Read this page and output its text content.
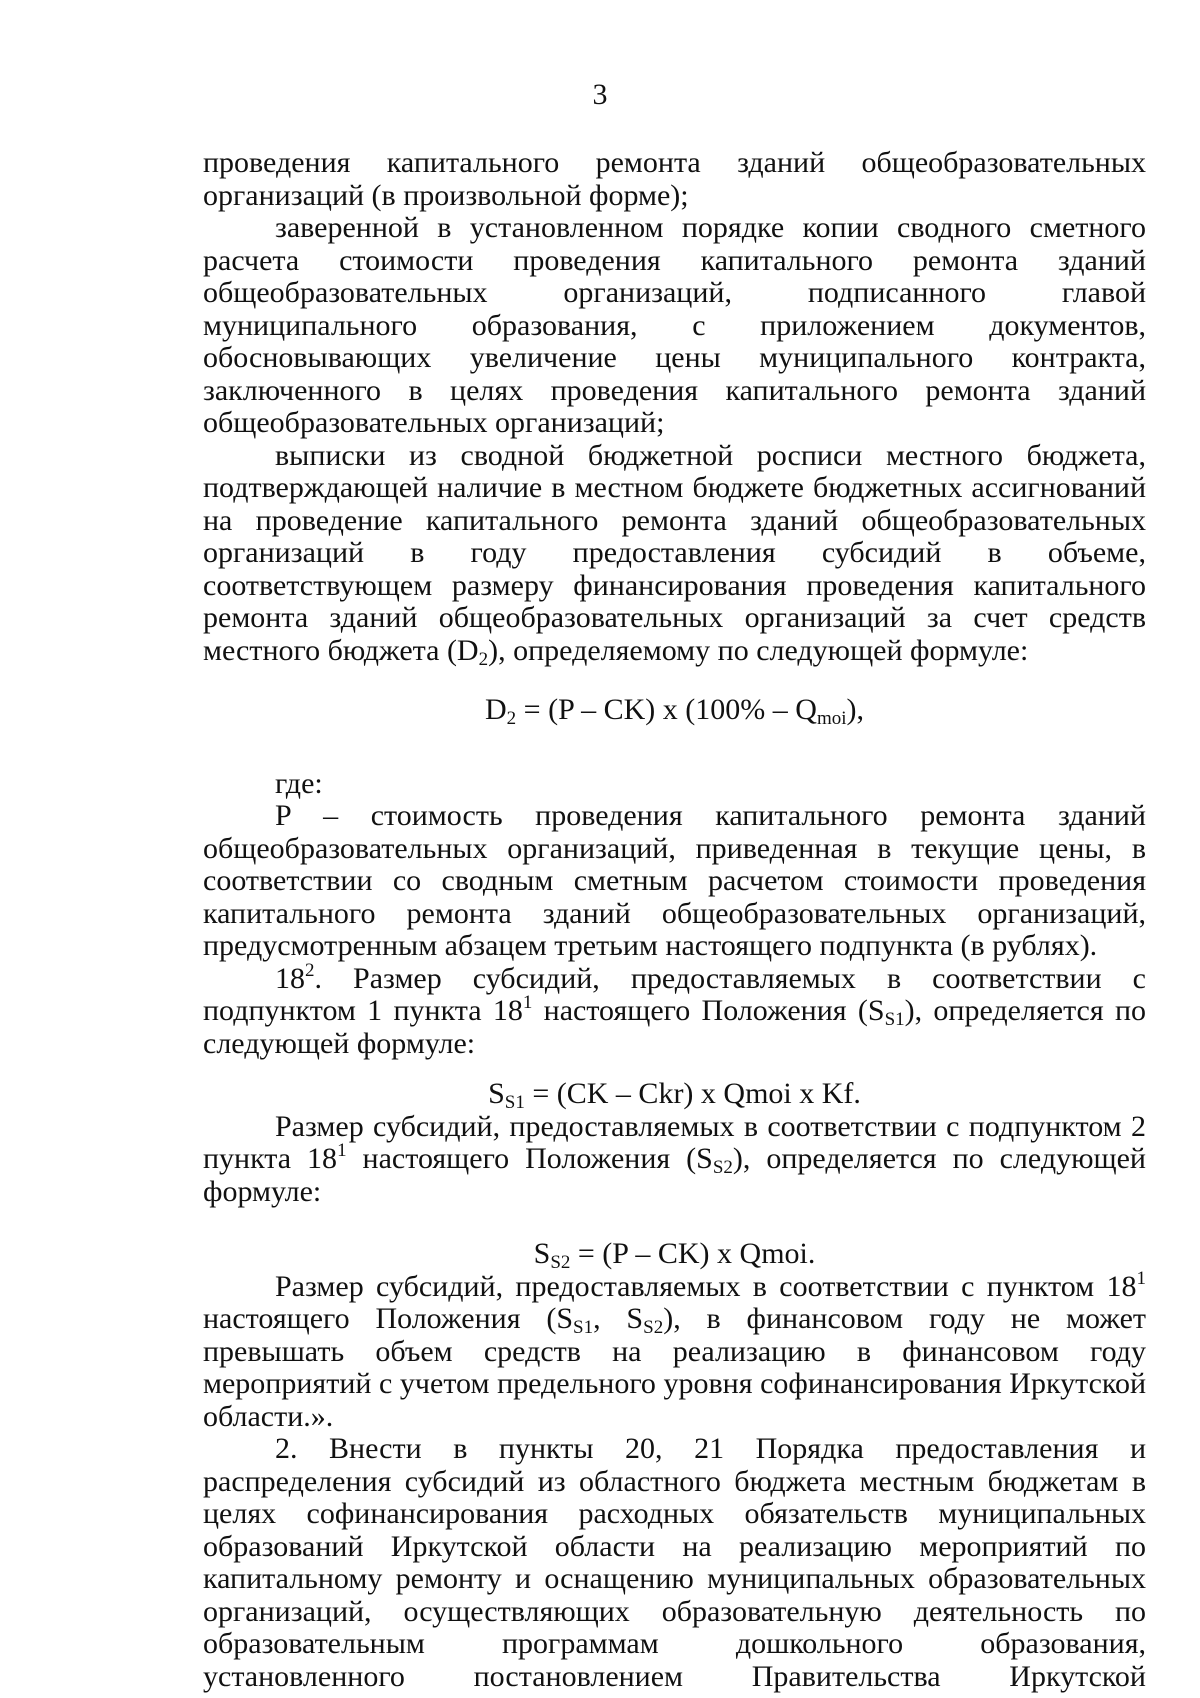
3

проведения капитального ремонта зданий общеобразовательных организаций (в произвольной форме);

заверенной в установленном порядке копии сводного сметного расчета стоимости проведения капитального ремонта зданий общеобразовательных организаций, подписанного главой муниципального образования, с приложением документов, обосновывающих увеличение цены муниципального контракта, заключенного в целях проведения капитального ремонта зданий общеобразовательных организаций;

выписки из сводной бюджетной росписи местного бюджета, подтверждающей наличие в местном бюджете бюджетных ассигнований на проведение капитального ремонта зданий общеобразовательных организаций в году предоставления субсидий в объеме, соответствующем размеру финансирования проведения капитального ремонта зданий общеобразовательных организаций за счет средств местного бюджета $(D_2)$, определяемому по следующей формуле:

$D_2 = (P - CK)$ x $(100\% - Q_{moi})$,

где:

P – стоимость проведения капитального ремонта зданий общеобразовательных организаций, приведенная в текущие цены, в соответствии со сводным сметным расчетом стоимости проведения капитального ремонта зданий общеобразовательных организаций, предусмотренным абзацем третьим настоящего подпункта (в рублях).

$18^2$. Размер субсидий, предоставляемых в соответствии с подпунктом 1 пункта $18^1$ настоящего Положения $(S_{S1})$, определяется по следующей формуле:

$S_{S1} = (CK - Ckr)$ x Qmoi x Kf.

Размер субсидий, предоставляемых в соответствии с подпунктом 2 пункта $18^1$ настоящего Положения $(S_{S2})$, определяется по следующей формуле:

$S_{S2} = (P - CK)$ x Qmoi.

Размер субсидий, предоставляемых в соответствии с пунктом $18^1$ настоящего Положения ($S_{S1}$, $S_{S2}$), в финансовом году не может превышать объем средств на реализацию в финансовом году мероприятий с учетом предельного уровня софинансирования Иркутской области.».

2. Внести в пункты 20, 21 Порядка предоставления и распределения субсидий из областного бюджета местным бюджетам в целях софинансирования расходных обязательств муниципальных образований Иркутской области на реализацию мероприятий по капитальному ремонту и оснащению муниципальных образовательных организаций, осуществляющих образовательную деятельность по образовательным программам дошкольного образования, установленного постановлением Правительства Иркутской
